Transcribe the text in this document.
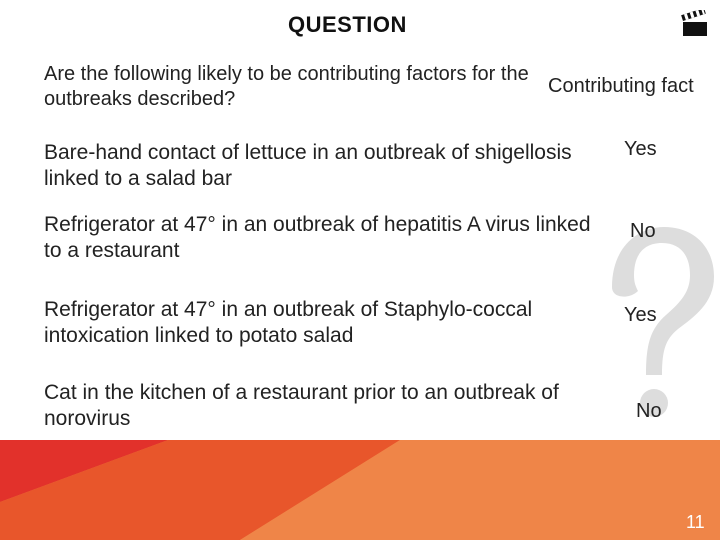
QUESTION
Are the following likely to be contributing factors for the outbreaks described?
Contributing fact
Bare-hand contact of lettuce in an outbreak of shigellosis linked to a salad bar
Yes
Refrigerator at 47° in an outbreak of hepatitis A virus linked to a restaurant
No
Refrigerator at 47° in an outbreak of Staphylo-coccal intoxication linked to potato salad
Yes
Cat in the kitchen of a restaurant prior to an outbreak of norovirus	No
11
